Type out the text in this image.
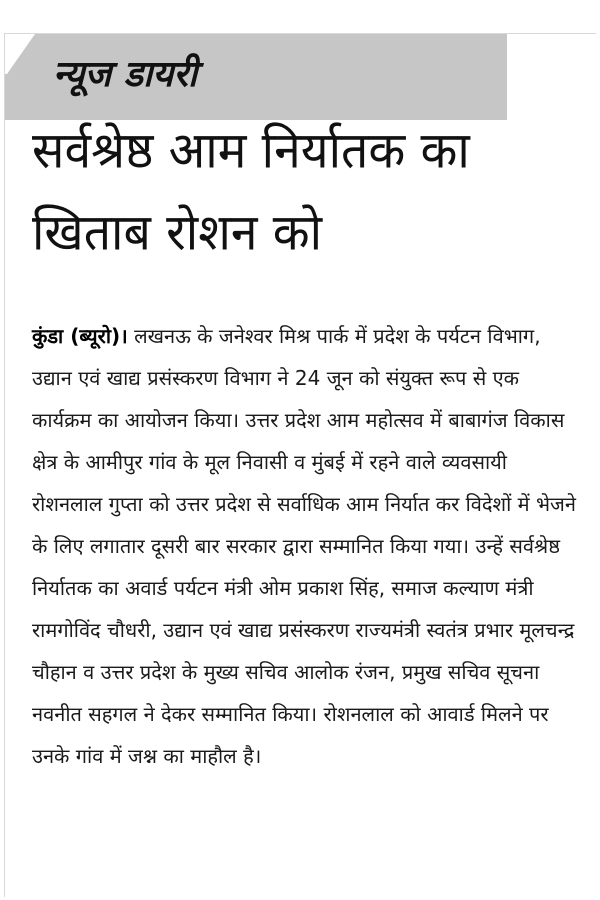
न्यूज डायरी
सर्वश्रेष्ठ आम निर्यातक का खिताब रोशन को

कुंडा (ब्यूरो)। लखनऊ के जनेश्वर मिश्र पार्क में प्रदेश के पर्यटन विभाग, उद्यान एवं खाद्य प्रसंस्करण विभाग ने 24 जून को संयुक्त रूप से एक कार्यक्रम का आयोजन किया। उत्तर प्रदेश आम महोत्सव में बाबागंज विकास क्षेत्र के आमीपुर गांव के मूल निवासी व मुंबई में रहने वाले व्यवसायी रोशनलाल गुप्ता को उत्तर प्रदेश से सर्वाधिक आम निर्यात कर विदेशों में भेजने के लिए लगातार दूसरी बार सरकार द्वारा सम्मानित किया गया। उन्हें सर्वश्रेष्ठ निर्यातक का अवार्ड पर्यटन मंत्री ओम प्रकाश सिंह, समाज कल्याण मंत्री रामगोविंद चौधरी, उद्यान एवं खाद्य प्रसंस्करण राज्यमंत्री स्वतंत्र प्रभार मूलचन्द्र चौहान व उत्तर प्रदेश के मुख्य सचिव आलोक रंजन, प्रमुख सचिव सूचना नवनीत सहगल ने देकर सम्मानित किया। रोशनलाल को आवार्ड मिलने पर उनके गांव में जश्न का माहौल है।
